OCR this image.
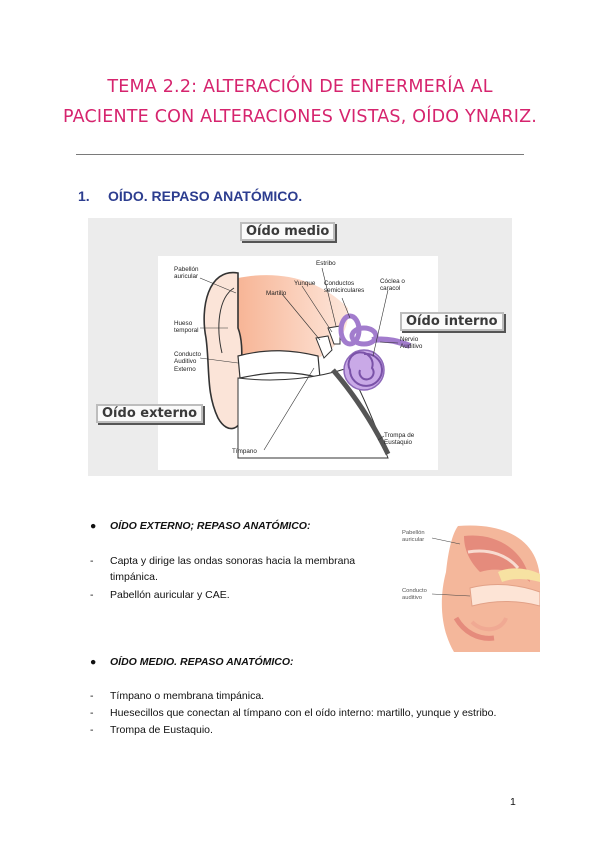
TEMA 2.2: ALTERACIÓN DE ENFERMERÍA AL
PACIENTE CON ALTERACIONES VISTAS, OÍDO YNARIZ.
1. OÍDO. REPASO ANATÓMICO.
Oído medio
Oído interno
Oído externo
Pabellón
auricular
Hueso
temporal
Conducto
Auditivo
Externo
Martillo
Yunque
Estribo
Conductos
semicirculares
Cóclea o
caracol
Nervio
Auditivo
Tímpano
Trompa de
Eustaquio
● OÍDO EXTERNO; REPASO ANATÓMICO:
- Capta y dirige las ondas sonoras hacia la membrana
timpánica.
- Pabellón auricular y CAE.
Pabellón
auricular
Conducto
auditivo
● OÍDO MEDIO. REPASO ANATÓMICO:
- Tímpano o membrana timpánica.
- Huesecillos que conectan al tímpano con el oído interno: martillo, yunque y estribo.
- Trompa de Eustaquio.
1
